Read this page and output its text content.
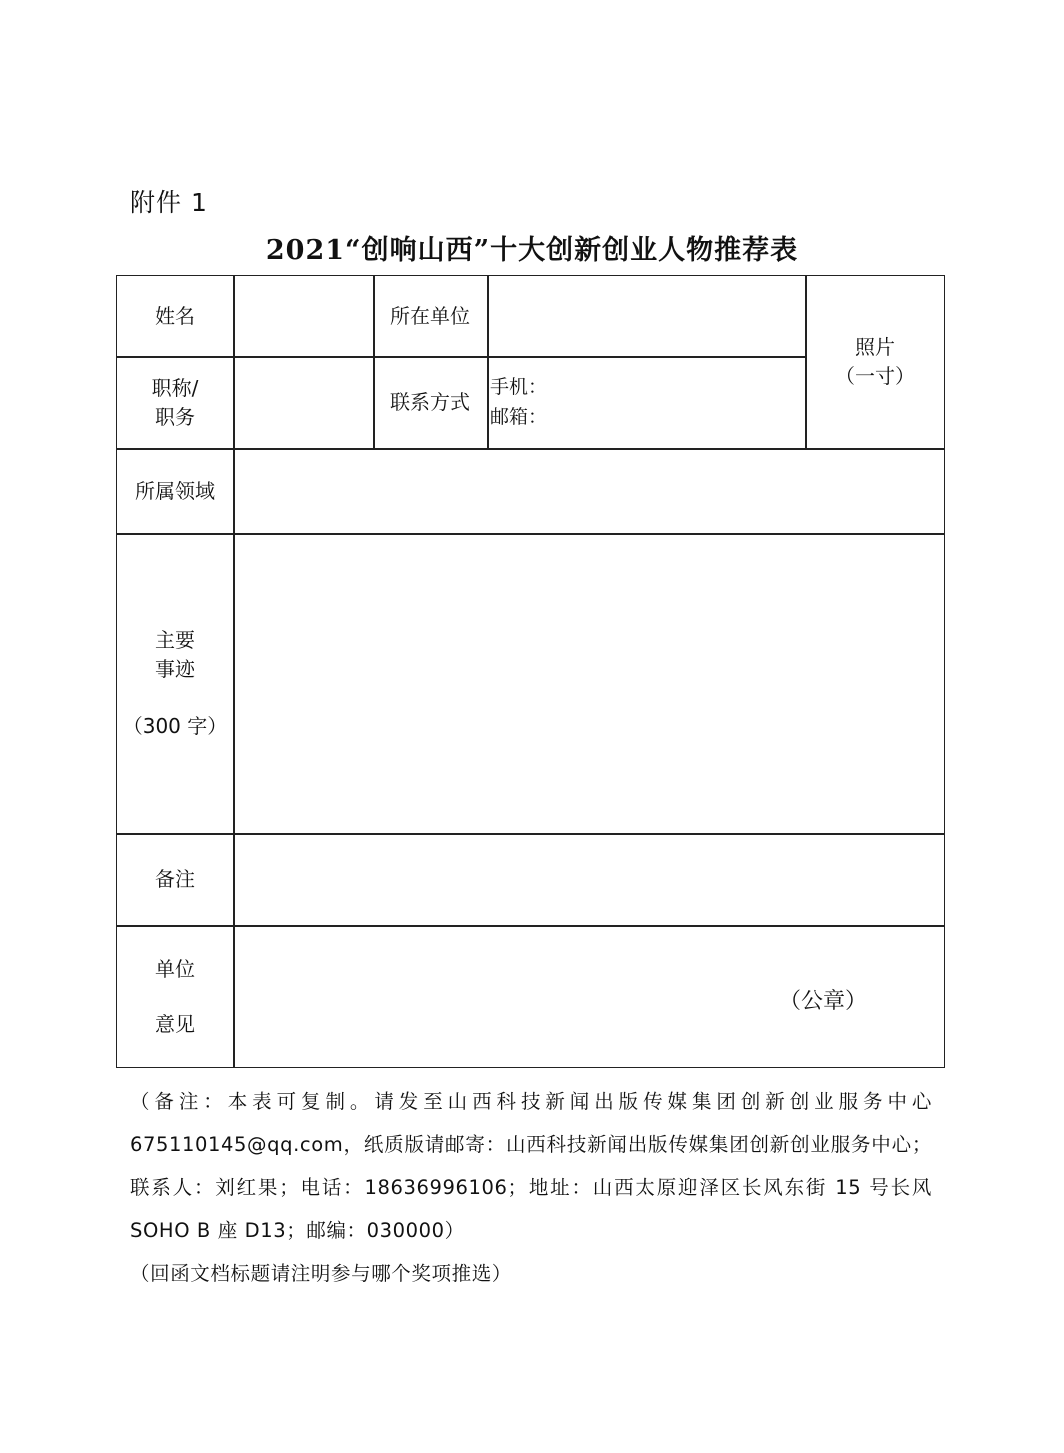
附件 1
2021“创响山西”十大创新创业人物推荐表
姓名	所在单位
照片
（一寸）
职称/
职务
联系方式
手机：
邮箱：
所属领域
主要
事迹
（300 字）
备注
单位
意见
（公章）

（备注：本表可复制。请发至山西科技新闻出版传媒集团创新创业服务中心

675110145@qq.com，纸质版请邮寄：山西科技新闻出版传媒集团创新创业服务中心；

联系人：刘红果；电话：18636996106；地址：山西太原迎泽区长风东街 15 号长风

SOHO B 座 D13；邮编：030000）

（回函文档标题请注明参与哪个奖项推选）
